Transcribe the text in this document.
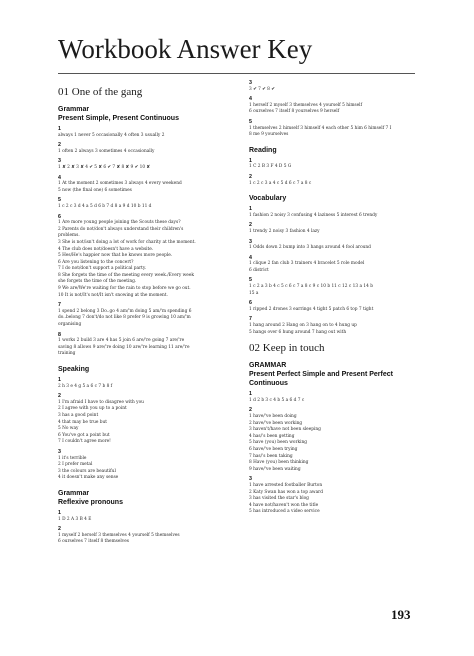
Workbook Answer Key
01 One of the gang
Grammar
Present Simple, Present Continuous
1
always 1 never 5 occasionally 4 often 3 usually 2
2
1 often 2 always 3 sometimes 4 occasionally
3
1 ✘ 2 ✘ 3 ✘ 4 ✔ 5 ✘ 6 ✔ 7 ✘ 8 ✘ 9 ✔ 10 ✘
4
1 At the moment 2 sometimes 3 always 4 every weekend
5 now (the final one) 6 sometimes
5
1 c 2 c 3 d 4 a 5 d 6 b 7 d 8 a 9 d 10 b 11 d
6
1 Are more young people joining the Scouts these days?
2 Parents do not/don't always understand their children's
problems.
3 She is not/isn't doing a lot of work for charity at the moment.
4 The club does not/doesn't have a website.
5 Hes/He's happier now that he knows more people.
6 Are you listening to the concert?
7 I do not/don't support a political party.
8 She forgets the time of the meeting every week./Every week
she forgets the time of the meeting.
9 We are/We're waiting for the rain to stop before we go out.
10 It is not/It's not/It isn't snowing at the moment.
7
1 spend 2 belong 3 Do..go 4 am/'m doing 5 am/'m spending 6
do..belong 7 don't/do not like 8 prefer 9 is growing 10 am/'m
organising
8
1 works 2 build 3 are 4 has 5 join 6 are/'re going 7 are/'re
saving 8 allows 9 are/'re doing 10 are/'re learning 11 are/'re
training
Speaking
1
2 h 3 e 4 g 5 a 6 c 7 b 8 f
2
1 I'm afraid I have to disagree with you
2 I agree with you up to a point
3 has a good point
4 that may be true but
5 No way
6 You've got a point but
7 I couldn't agree more!
3
1 it's terrible
2 I prefer metal
3 the colours are beautiful
4 it doesn't make any sense
Grammar
Reflexive pronouns
1
1 D 2 A 3 B 4 E
2
1 myself 2 herself 3 themselves 4 yourself 5 themselves
6 ourselves 7 itself 8 themselves
3
3 ✔ 7 ✔ 8 ✔
4
1 herself 2 myself 3 themselves 4 yourself 5 himself
6 ourselves 7 itself 8 yourselves 9 herself
5
1 themselves 2 himself 3 himself 4 each other 5 him 6 himself 7 I
8 me 9 yourselves
Reading
1
1 C 2 B 3 F 4 D 5 G
2
1 c 2 c 3 a 4 c 5 d 6 c 7 a 8 c
Vocabulary
1
1 fashion 2 noisy 3 confusing 4 laziness 5 interest 6 trendy
2
1 trendy 2 noisy 3 fashion 4 lazy
3
1 Odds down 2 bump into 3 hangs around 4 fool around
4
1 clique 2 fan club 3 trainers 4 bracelet 5 role model
6 district
5
1 c 2 a 3 b 4 c 5 c 6 c 7 a 8 c 9 c 10 b 11 c 12 c 13 a 14 b
15 a
6
1 ripped 2 drones 3 earrings 4 tight 5 patch 6 top 7 tight
7
1 hang around 2 Hang on 3 hang on to 4 hung up
5 hangs over 6 hung around 7 hang out with
02 Keep in touch
GRAMMAR
Present Perfect Simple and Present Perfect
Continuous
1
1 d 2 b 3 c 4 b 5 a 6 d 7 c
2
1 have/'ve been doing
2 have/'ve been working
3 haven't/have not been sleeping
4 has/'s been getting
5 have (you) been working
6 have/'ve been trying
7 has/'s been taking
8 Have (you) been thinking
9 have/'ve been waiting
3
1 have arrested footballer Burton
2 Katy Swan has won a top award
3 has visited the star's blog
4 have not/haven't won the title
5 has introduced a video service
193
